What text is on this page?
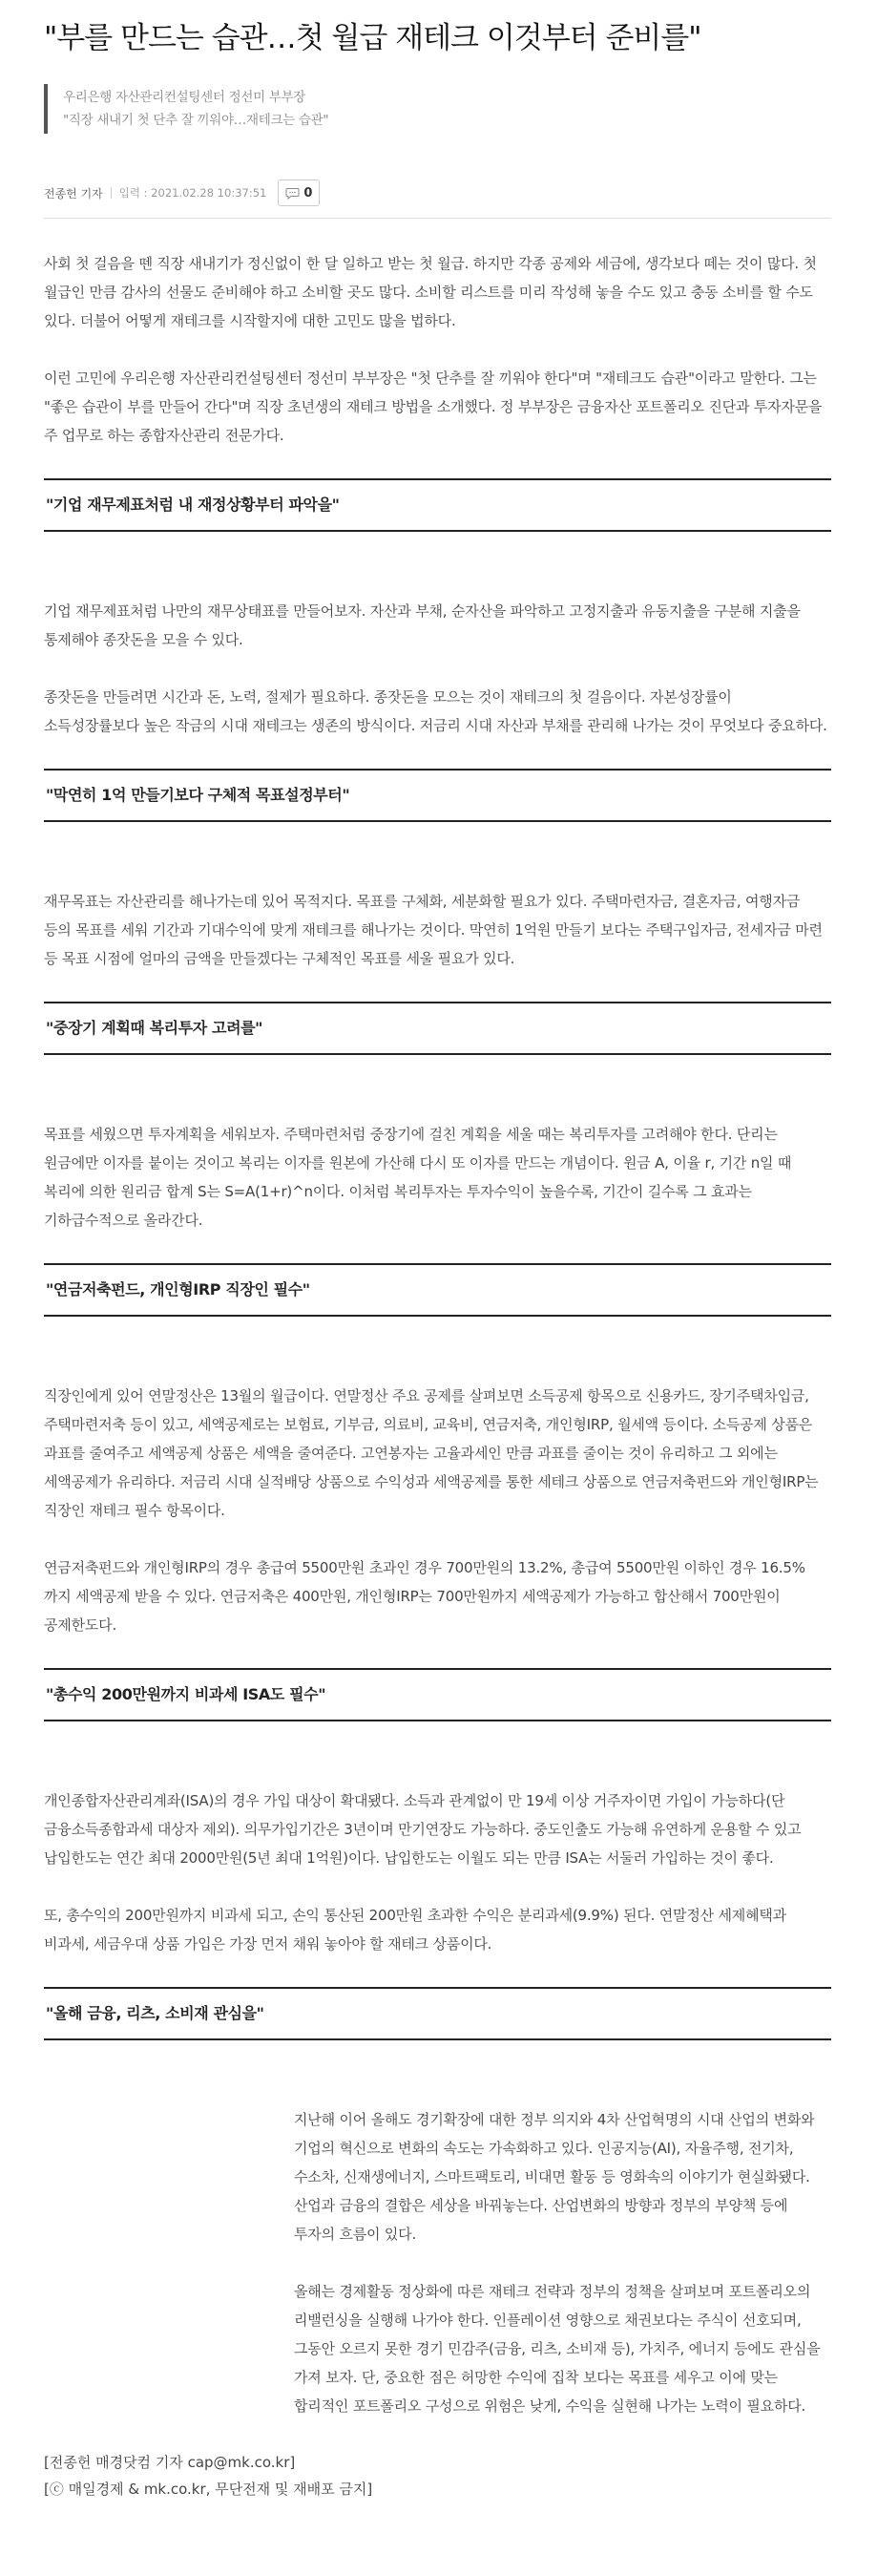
"부를 만드는 습관…첫 월급 재테크 이것부터 준비를"

우리은행 자산관리컨설팅센터 정선미 부부장

"직장 새내기 첫 단추 잘 끼워야…재테크는 습관"

전종헌 기자 입력 : 2021.02.28 10:37:51	0

사회 첫 걸음을 뗀 직장 새내기가 정신없이 한 달 일하고 받는 첫 월급. 하지만 각종 공제와 세금에, 생각보다 떼는 것이 많다. 첫 월급인 만큼 감사의 선물도 준비해야 하고 소비할 곳도 많다. 소비할 리스트를 미리 작성해 놓을 수도 있고 충동 소비를 할 수도 있다. 더불어 어떻게 재테크를 시작할지에 대한 고민도 많을 법하다.

이런 고민에 우리은행 자산관리컨설팅센터 정선미 부부장은 "첫 단추를 잘 끼워야 한다"며 "재테크도 습관"이라고 말한다. 그는 "좋은 습관이 부를 만들어 간다"며 직장 초년생의 재테크 방법을 소개했다. 정 부부장은 금융자산 포트폴리오 진단과 투자자문을 주 업무로 하는 종합자산관리 전문가다.

"기업 재무제표처럼 내 재정상황부터 파악을"

기업 재무제표처럼 나만의 재무상태표를 만들어보자. 자산과 부채, 순자산을 파악하고 고정지출과 유동지출을 구분해 지출을 통제해야 종잣돈을 모을 수 있다.

종잣돈을 만들려면 시간과 돈, 노력, 절제가 필요하다. 종잣돈을 모으는 것이 재테크의 첫 걸음이다. 자본성장률이 소득성장률보다 높은 작금의 시대 재테크는 생존의 방식이다. 저금리 시대 자산과 부채를 관리해 나가는 것이 무엇보다 중요하다.

"막연히 1억 만들기보다 구체적 목표설정부터"

재무목표는 자산관리를 해나가는데 있어 목적지다. 목표를 구체화, 세분화할 필요가 있다. 주택마련자금, 결혼자금, 여행자금 등의 목표를 세워 기간과 기대수익에 맞게 재테크를 해나가는 것이다. 막연히 1억원 만들기 보다는 주택구입자금, 전세자금 마련 등 목표 시점에 얼마의 금액을 만들겠다는 구체적인 목표를 세울 필요가 있다.

"중장기 계획때 복리투자 고려를"

목표를 세웠으면 투자계획을 세워보자. 주택마련처럼 중장기에 걸친 계획을 세울 때는 복리투자를 고려해야 한다. 단리는 원금에만 이자를 붙이는 것이고 복리는 이자를 원본에 가산해 다시 또 이자를 만드는 개념이다. 원금 A, 이율 r, 기간 n일 때 복리에 의한 원리금 합계 S는 S=A(1+r)^n이다. 이처럼 복리투자는 투자수익이 높을수록, 기간이 길수록 그 효과는 기하급수적으로 올라간다.

"연금저축펀드, 개인형IRP 직장인 필수"

직장인에게 있어 연말정산은 13월의 월급이다. 연말정산 주요 공제를 살펴보면 소득공제 항목으로 신용카드, 장기주택차입금, 주택마련저축 등이 있고, 세액공제로는 보험료, 기부금, 의료비, 교육비, 연금저축, 개인형IRP, 월세액 등이다. 소득공제 상품은 과표를 줄여주고 세액공제 상품은 세액을 줄여준다. 고연봉자는 고율과세인 만큼 과표를 줄이는 것이 유리하고 그 외에는 세액공제가 유리하다. 저금리 시대 실적배당 상품으로 수익성과 세액공제를 통한 세테크 상품으로 연금저축펀드와 개인형IRP는 직장인 재테크 필수 항목이다.

연금저축펀드와 개인형IRP의 경우 총급여 5500만원 초과인 경우 700만원의 13.2%, 총급여 5500만원 이하인 경우 16.5%까지 세액공제 받을 수 있다. 연금저축은 400만원, 개인형IRP는 700만원까지 세액공제가 가능하고 합산해서 700만원이 공제한도다.

"총수익 200만원까지 비과세 ISA도 필수"

개인종합자산관리계좌(ISA)의 경우 가입 대상이 확대됐다. 소득과 관계없이 만 19세 이상 거주자이면 가입이 가능하다(단 금융소득종합과세 대상자 제외). 의무가입기간은 3년이며 만기연장도 가능하다. 중도인출도 가능해 유연하게 운용할 수 있고 납입한도는 연간 최대 2000만원(5년 최대 1억원)이다. 납입한도는 이월도 되는 만큼 ISA는 서둘러 가입하는 것이 좋다.

또, 총수익의 200만원까지 비과세 되고, 손익 통산된 200만원 초과한 수익은 분리과세(9.9%) 된다. 연말정산 세제혜택과 비과세, 세금우대 상품 가입은 가장 먼저 채워 놓아야 할 재테크 상품이다.

"올해 금융, 리츠, 소비재 관심을"

지난해 이어 올해도 경기확장에 대한 정부 의지와 4차 산업혁명의 시대 산업의 변화와 기업의 혁신으로 변화의 속도는 가속화하고 있다. 인공지능(AI), 자율주행, 전기차, 수소차, 신재생에너지, 스마트팩토리, 비대면 활동 등 영화속의 이야기가 현실화됐다. 산업과 금융의 결합은 세상을 바꿔놓는다. 산업변화의 방향과 정부의 부양책 등에 투자의 흐름이 있다.

올해는 경제활동 정상화에 따른 재테크 전략과 정부의 정책을 살펴보며 포트폴리오의 리밸런싱을 실행해 나가야 한다. 인플레이션 영향으로 채권보다는 주식이 선호되며, 그동안 오르지 못한 경기 민감주(금융, 리츠, 소비재 등), 가치주, 에너지 등에도 관심을 가져 보자. 단, 중요한 점은 허망한 수익에 집착 보다는 목표를 세우고 이에 맞는 합리적인 포트폴리오 구성으로 위험은 낮게, 수익을 실현해 나가는 노력이 필요하다.

[전종헌 매경닷컴 기자 cap@mk.co.kr]

[ⓒ 매일경제 & mk.co.kr, 무단전재 및 재배포 금지]
